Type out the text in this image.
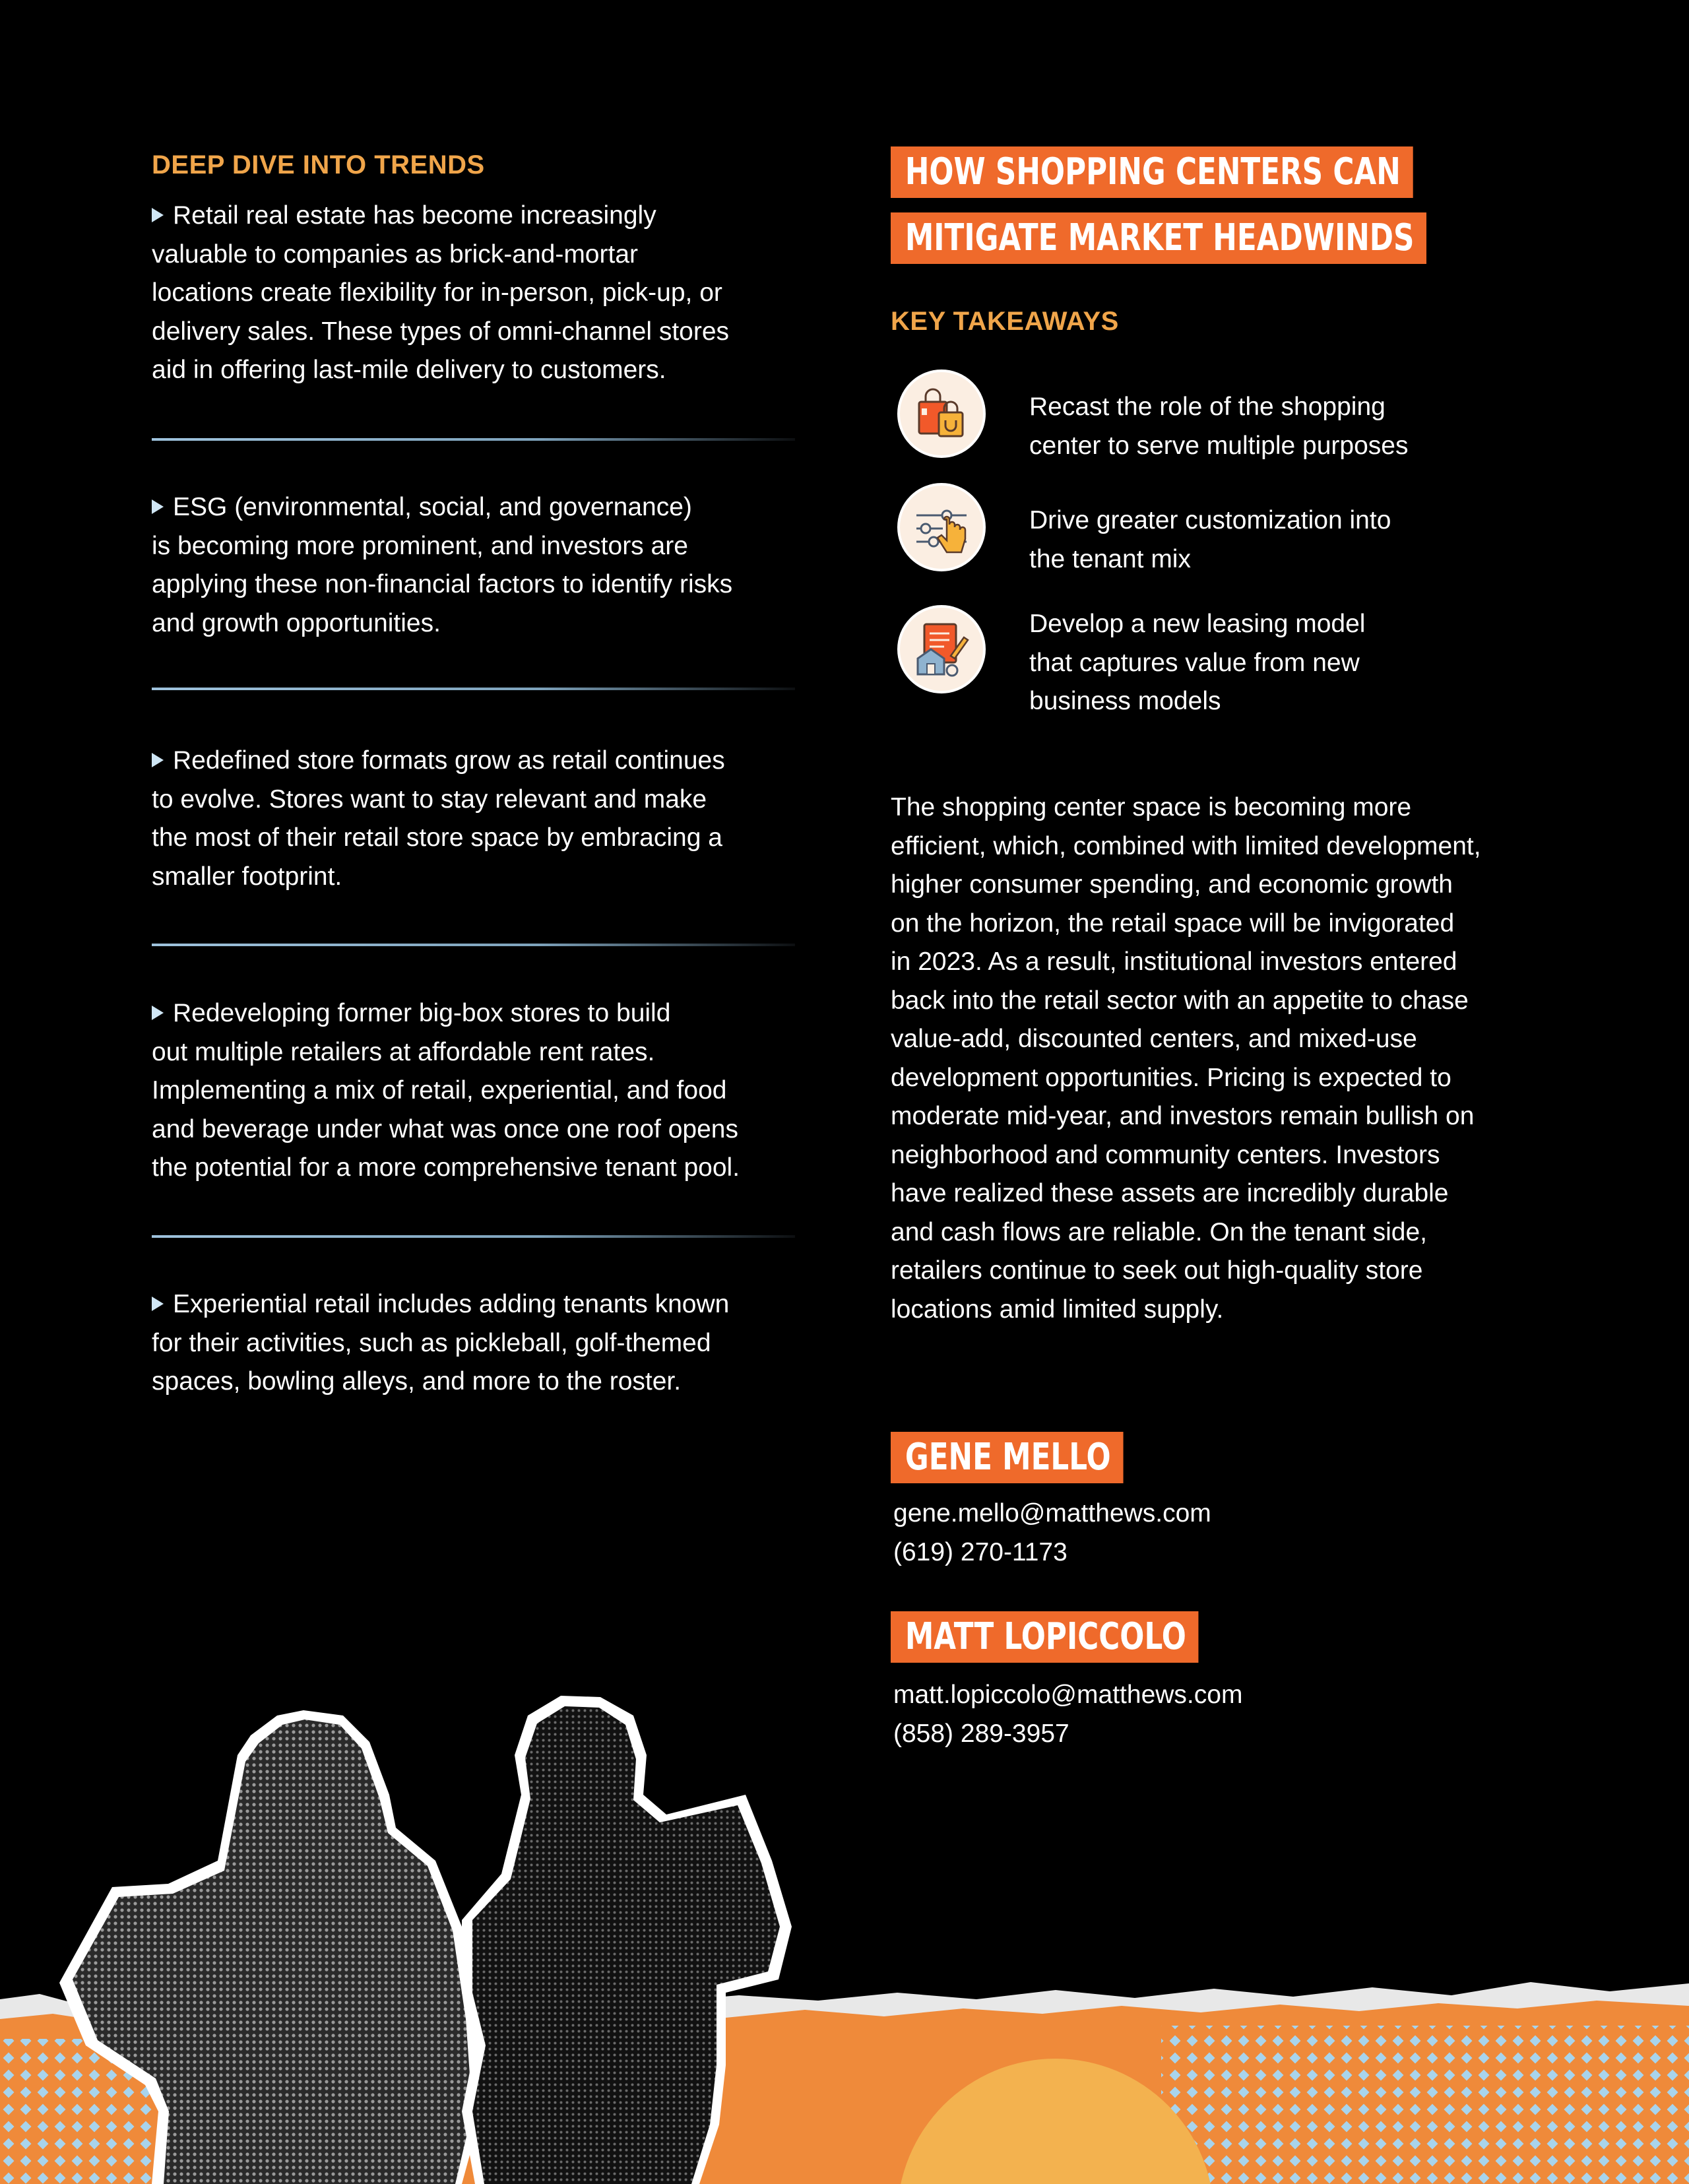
DEEP DIVE INTO TRENDS
Retail real estate has become increasingly
valuable to companies as brick-and-mortar
locations create flexibility for in-person, pick-up, or
delivery sales. These types of omni-channel stores
aid in offering last-mile delivery to customers.
ESG (environmental, social, and governance)
is becoming more prominent, and investors are
applying these non-financial factors to identify risks
and growth opportunities.
Redefined store formats grow as retail continues
to evolve. Stores want to stay relevant and make
the most of their retail store space by embracing a
smaller footprint.
Redeveloping former big-box stores to build
out multiple retailers at affordable rent rates.
Implementing a mix of retail, experiential, and food
and beverage under what was once one roof opens
the potential for a more comprehensive tenant pool.
Experiential retail includes adding tenants known
for their activities, such as pickleball, golf-themed
spaces, bowling alleys, and more to the roster.
HOW SHOPPING CENTERS CAN
MITIGATE MARKET HEADWINDS
KEY TAKEAWAYS
Recast the role of the shopping
center to serve multiple purposes
Drive greater customization into
the tenant mix
Develop a new leasing model
that captures value from new
business models
The shopping center space is becoming more
efficient, which, combined with limited development,
higher consumer spending, and economic growth
on the horizon, the retail space will be invigorated
in 2023. As a result, institutional investors entered
back into the retail sector with an appetite to chase
value-add, discounted centers, and mixed-use
development opportunities. Pricing is expected to
moderate mid-year, and investors remain bullish on
neighborhood and community centers. Investors
have realized these assets are incredibly durable
and cash flows are reliable. On the tenant side,
retailers continue to seek out high-quality store
locations amid limited supply.
GENE MELLO
gene.mello@matthews.com
(619) 270-1173
MATT LOPICCOLO
matt.lopiccolo@matthews.com
(858) 289-3957
